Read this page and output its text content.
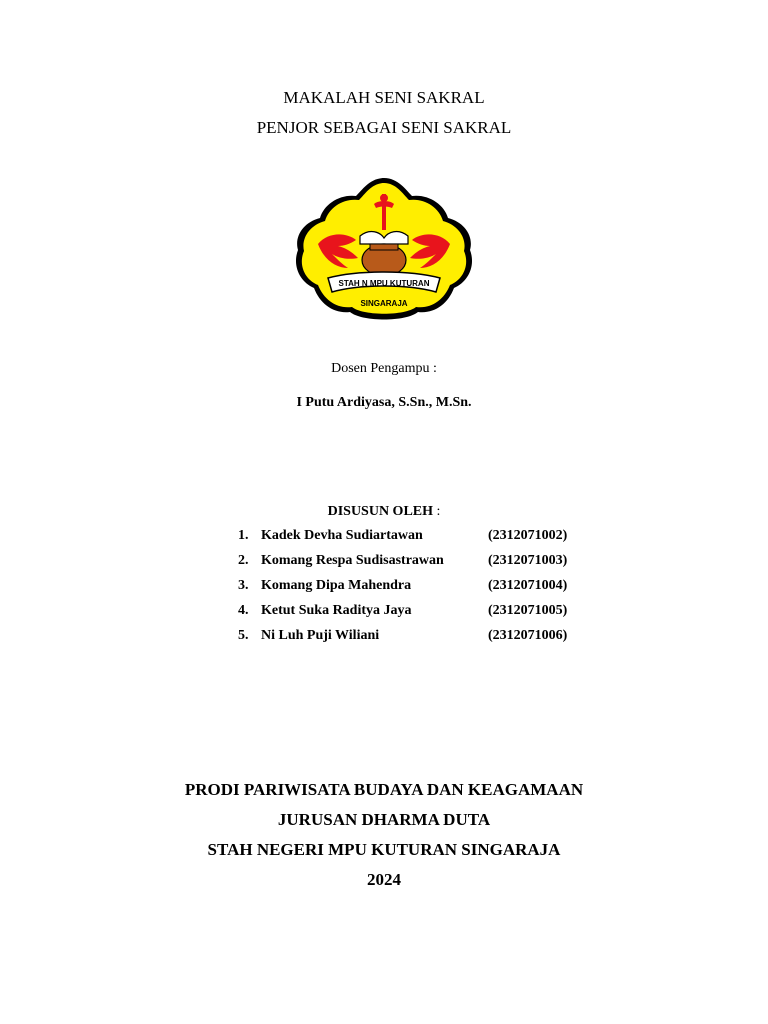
MAKALAH SENI SAKRAL
PENJOR SEBAGAI SENI SAKRAL
STAH N MPU KUTURAN
SINGARAJA
Dosen Pengampu :
I Putu Ardiyasa, S.Sn., M.Sn.
DISUSUN OLEH :
1. Kadek Devha Sudiartawan	(2312071002)
2. Komang Respa Sudisastrawan	(2312071003)
3. Komang Dipa Mahendra	(2312071004)
4. Ketut Suka Raditya Jaya	(2312071005)
5. Ni Luh Puji Wiliani	(2312071006)
PRODI PARIWISATA BUDAYA DAN KEAGAMAAN
JURUSAN DHARMA DUTA
STAH NEGERI MPU KUTURAN SINGARAJA
2024
